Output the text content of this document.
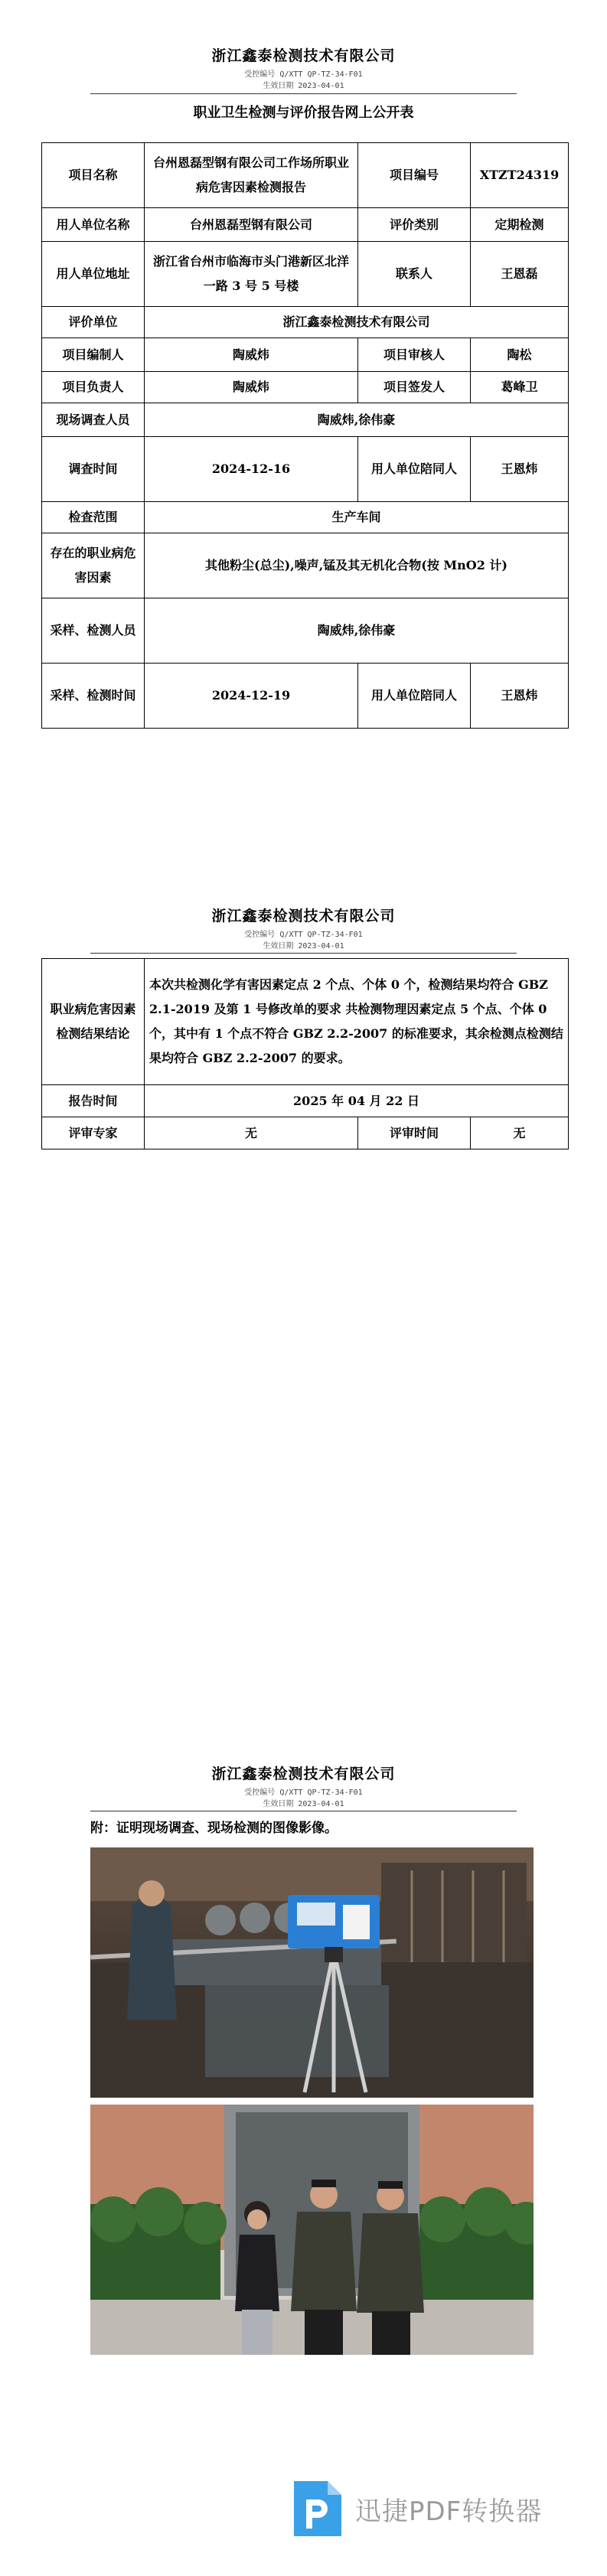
浙江鑫泰检测技术有限公司
受控编号 Q/XTT QP-TZ-34-F01
生效日期 2023-04-01
职业卫生检测与评价报告网上公开表
项目名称	台州恩磊型钢有限公司工作场所职业病危害因素检测报告	项目编号	XTZT24319
用人单位名称	台州恩磊型钢有限公司	评价类别	定期检测
用人单位地址	浙江省台州市临海市头门港新区北洋一路 3 号 5 号楼	联系人	王恩磊
评价单位	浙江鑫泰检测技术有限公司		
项目编制人	陶威炜	项目审核人	陶松
项目负责人	陶威炜	项目签发人	葛峰卫
现场调查人员	陶威炜,徐伟豪		
调查时间	2024-12-16	用人单位陪同人	王恩炜
检查范围	生产车间		
存在的职业病危害因素	其他粉尘(总尘),噪声,锰及其无机化合物(按 MnO2 计)		
采样、检测人员	陶威炜,徐伟豪		
采样、检测时间	2024-12-19	用人单位陪同人	王恩炜
浙江鑫泰检测技术有限公司
受控编号 Q/XTT QP-TZ-34-F01
生效日期 2023-04-01
职业病危害因素检测结果结论	本次共检测化学有害因素定点 2 个点、个体 0 个，检测结果均符合 GBZ 2.1-2019 及第 1 号修改单的要求 共检测物理因素定点 5 个点、个体 0 个，其中有 1 个点不符合 GBZ 2.2-2007 的标准要求，其余检测点检测结果均符合 GBZ 2.2-2007 的要求。		
报告时间	2025 年 04 月 22 日		
评审专家	无	评审时间	无
浙江鑫泰检测技术有限公司
受控编号 Q/XTT QP-TZ-34-F01
生效日期 2023-04-01
附：证明现场调查、现场检测的图像影像。
迅捷PDF转换器
